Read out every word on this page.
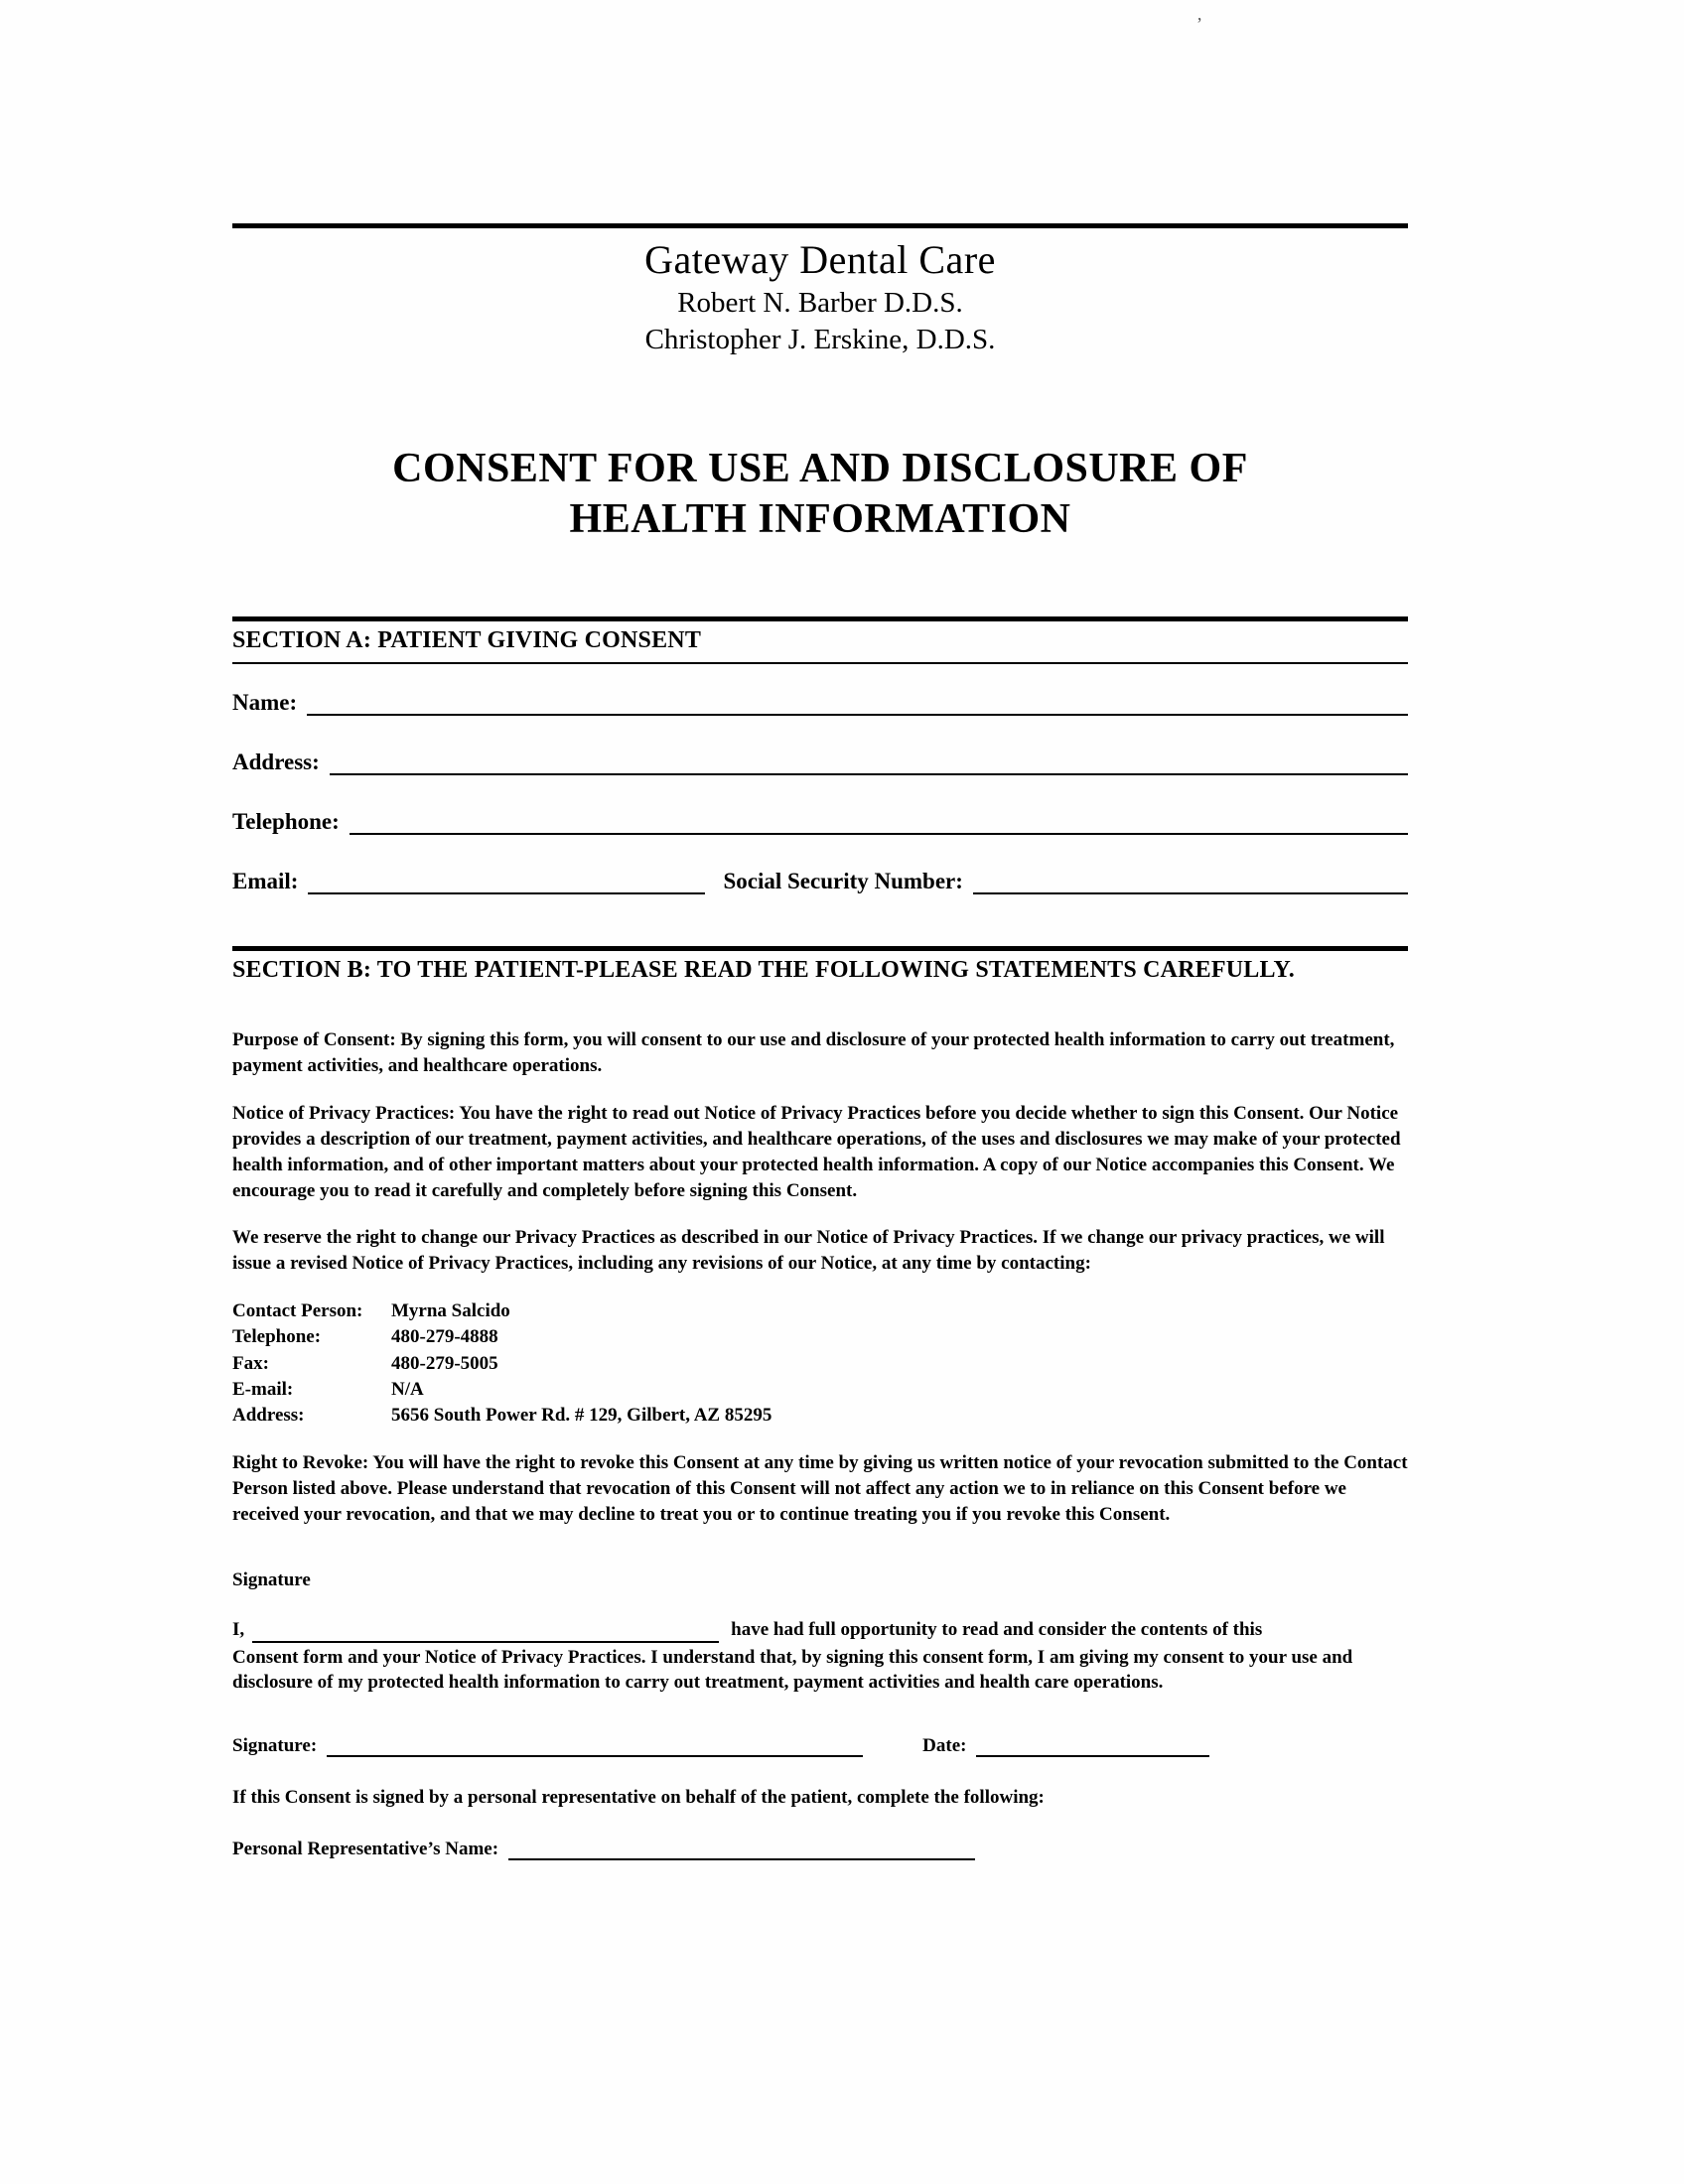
’
Gateway Dental Care
Robert N. Barber D.D.S.
Christopher J. Erskine, D.D.S.
CONSENT FOR USE AND DISCLOSURE OF
HEALTH INFORMATION
SECTION A: PATIENT GIVING CONSENT
Name:
Address:
Telephone:
Email:	Social Security Number:
SECTION B: TO THE PATIENT-PLEASE READ THE FOLLOWING STATEMENTS CAREFULLY.

Purpose of Consent: By signing this form, you will consent to our use and disclosure of your protected health information to carry out treatment, payment activities, and healthcare operations.

Notice of Privacy Practices: You have the right to read out Notice of Privacy Practices before you decide whether to sign this Consent. Our Notice provides a description of our treatment, payment activities, and healthcare operations, of the uses and disclosures we may make of your protected health information, and of other important matters about your protected health information. A copy of our Notice accompanies this Consent. We encourage you to read it carefully and completely before signing this Consent.

We reserve the right to change our Privacy Practices as described in our Notice of Privacy Practices. If we change our privacy practices, we will issue a revised Notice of Privacy Practices, including any revisions of our Notice, at any time by contacting:

Contact Person:	Myrna Salcido
Telephone:	480-279-4888
Fax:	480-279-5005
E-mail:	N/A
Address:	5656 South Power Rd. # 129, Gilbert, AZ 85295

Right to Revoke: You will have the right to revoke this Consent at any time by giving us written notice of your revocation submitted to the Contact Person listed above. Please understand that revocation of this Consent will not affect any action we to in reliance on this Consent before we received your revocation, and that we may decline to treat you or to continue treating you if you revoke this Consent.

Signature
I,	have had full opportunity to read and consider the contents of this

Consent form and your Notice of Privacy Practices. I understand that, by signing this consent form, I am giving my consent to your use and disclosure of my protected health information to carry out treatment, payment activities and health care operations.

Signature:	Date:

If this Consent is signed by a personal representative on behalf of the patient, complete the following:

Personal Representative’s Name:
